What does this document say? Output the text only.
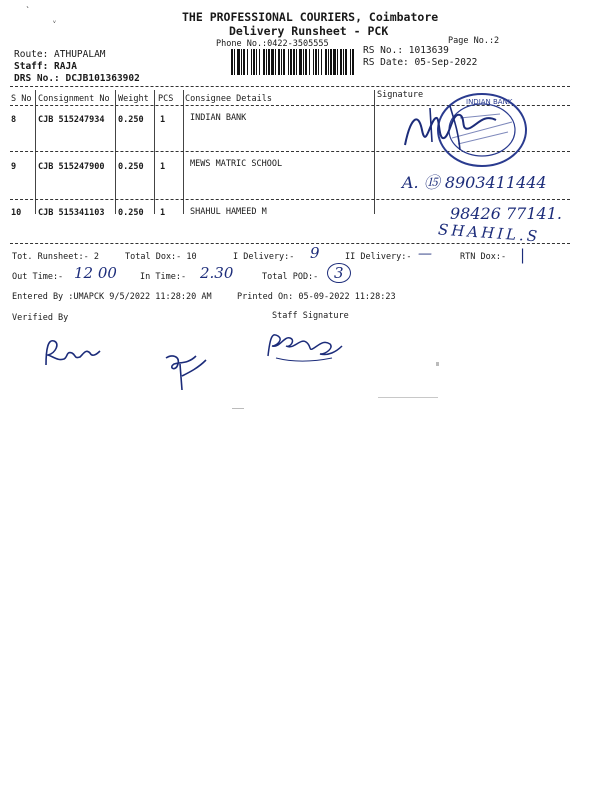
ˋ
ᵥ	THE PROFESSIONAL COURIERS, Coimbatore
Delivery Runsheet - PCK
Phone No.:0422-3505555	Page No.:2
Route: ATHUPALAM
Staff: RAJA
DRS No.: DCJB101363902
RS No.: 1013639
RS Date: 05-Sep-2022
S No Consignment No Weight PCS Consignee Details	Signature
8	CJB 515247934 0.250 1	INDIAN BANK
9	CJB 515247900 0.250 1	MEWS MATRIC SCHOOL
10 CJB 515341103 0.250 1	SHAHUL HAMEED M
INDIAN BANK
A. ⑮ 8903411444
98426 77141.
SHAHIL.S
Tot. Runsheet:- 2	Total Dox:- 10	I Delivery:- 9	II Delivery:- —	RTN Dox:- |
Out Time:- 12 00	In Time:- 2.30	Total POD:-	3
Entered By :UMAPCK 9/5/2022 11:28:20 AM	Printed On: 05-09-2022 11:28:23
Verified By	Staff Signature
